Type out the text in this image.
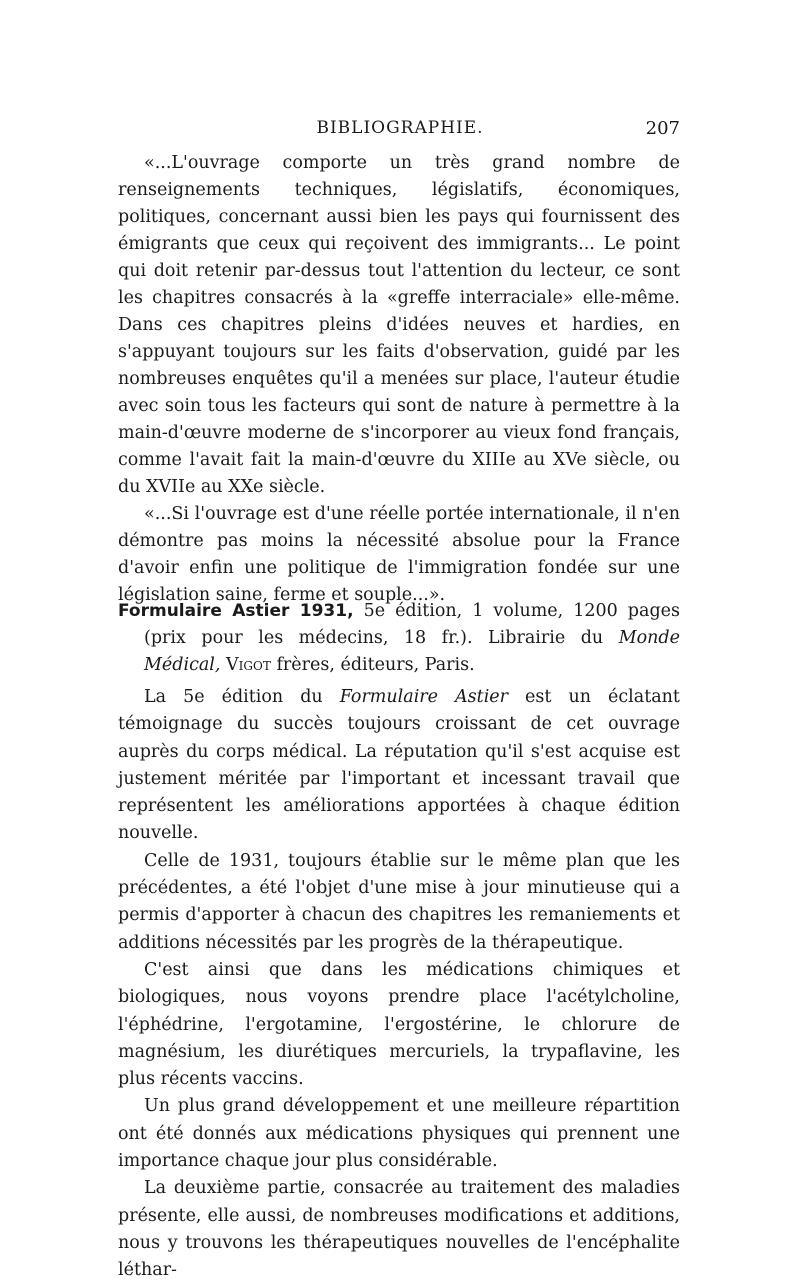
BIBLIOGRAPHIE.	207

«...L'ouvrage comporte un très grand nombre de renseignements techniques, législatifs, économiques, politiques, concernant aussi bien les pays qui fournissent des émigrants que ceux qui reçoivent des immigrants... Le point qui doit retenir par-dessus tout l'attention du lecteur, ce sont les chapitres consacrés à la «greffe interraciale» elle-même. Dans ces chapitres pleins d'idées neuves et hardies, en s'appuyant toujours sur les faits d'observation, guidé par les nombreuses enquêtes qu'il a menées sur place, l'auteur étudie avec soin tous les facteurs qui sont de nature à permettre à la main-d'œuvre moderne de s'incorporer au vieux fond français, comme l'avait fait la main-d'œuvre du XIIIe au XVe siècle, ou du XVIIe au XXe siècle.

«...Si l'ouvrage est d'une réelle portée internationale, il n'en démontre pas moins la nécessité absolue pour la France d'avoir enfin une politique de l'immigration fondée sur une législation saine, ferme et souple...».

Formulaire Astier 1931, 5e édition, 1 volume, 1200 pages (prix pour les médecins, 18 fr.). Librairie du Monde Médical, Vigot frères, éditeurs, Paris.

La 5e édition du Formulaire Astier est un éclatant témoignage du succès toujours croissant de cet ouvrage auprès du corps médical. La réputation qu'il s'est acquise est justement méritée par l'important et incessant travail que représentent les améliorations apportées à chaque édition nouvelle.

Celle de 1931, toujours établie sur le même plan que les précédentes, a été l'objet d'une mise à jour minutieuse qui a permis d'apporter à chacun des chapitres les remaniements et additions nécessités par les progrès de la thérapeutique.

C'est ainsi que dans les médications chimiques et biologiques, nous voyons prendre place l'acétylcholine, l'éphédrine, l'ergotamine, l'ergostérine, le chlorure de magnésium, les diurétiques mercuriels, la trypaflavine, les plus récents vaccins.

Un plus grand développement et une meilleure répartition ont été donnés aux médications physiques qui prennent une importance chaque jour plus considérable.

La deuxième partie, consacrée au traitement des maladies présente, elle aussi, de nombreuses modifications et additions, nous y trouvons les thérapeutiques nouvelles de l'encéphalite léthar-
